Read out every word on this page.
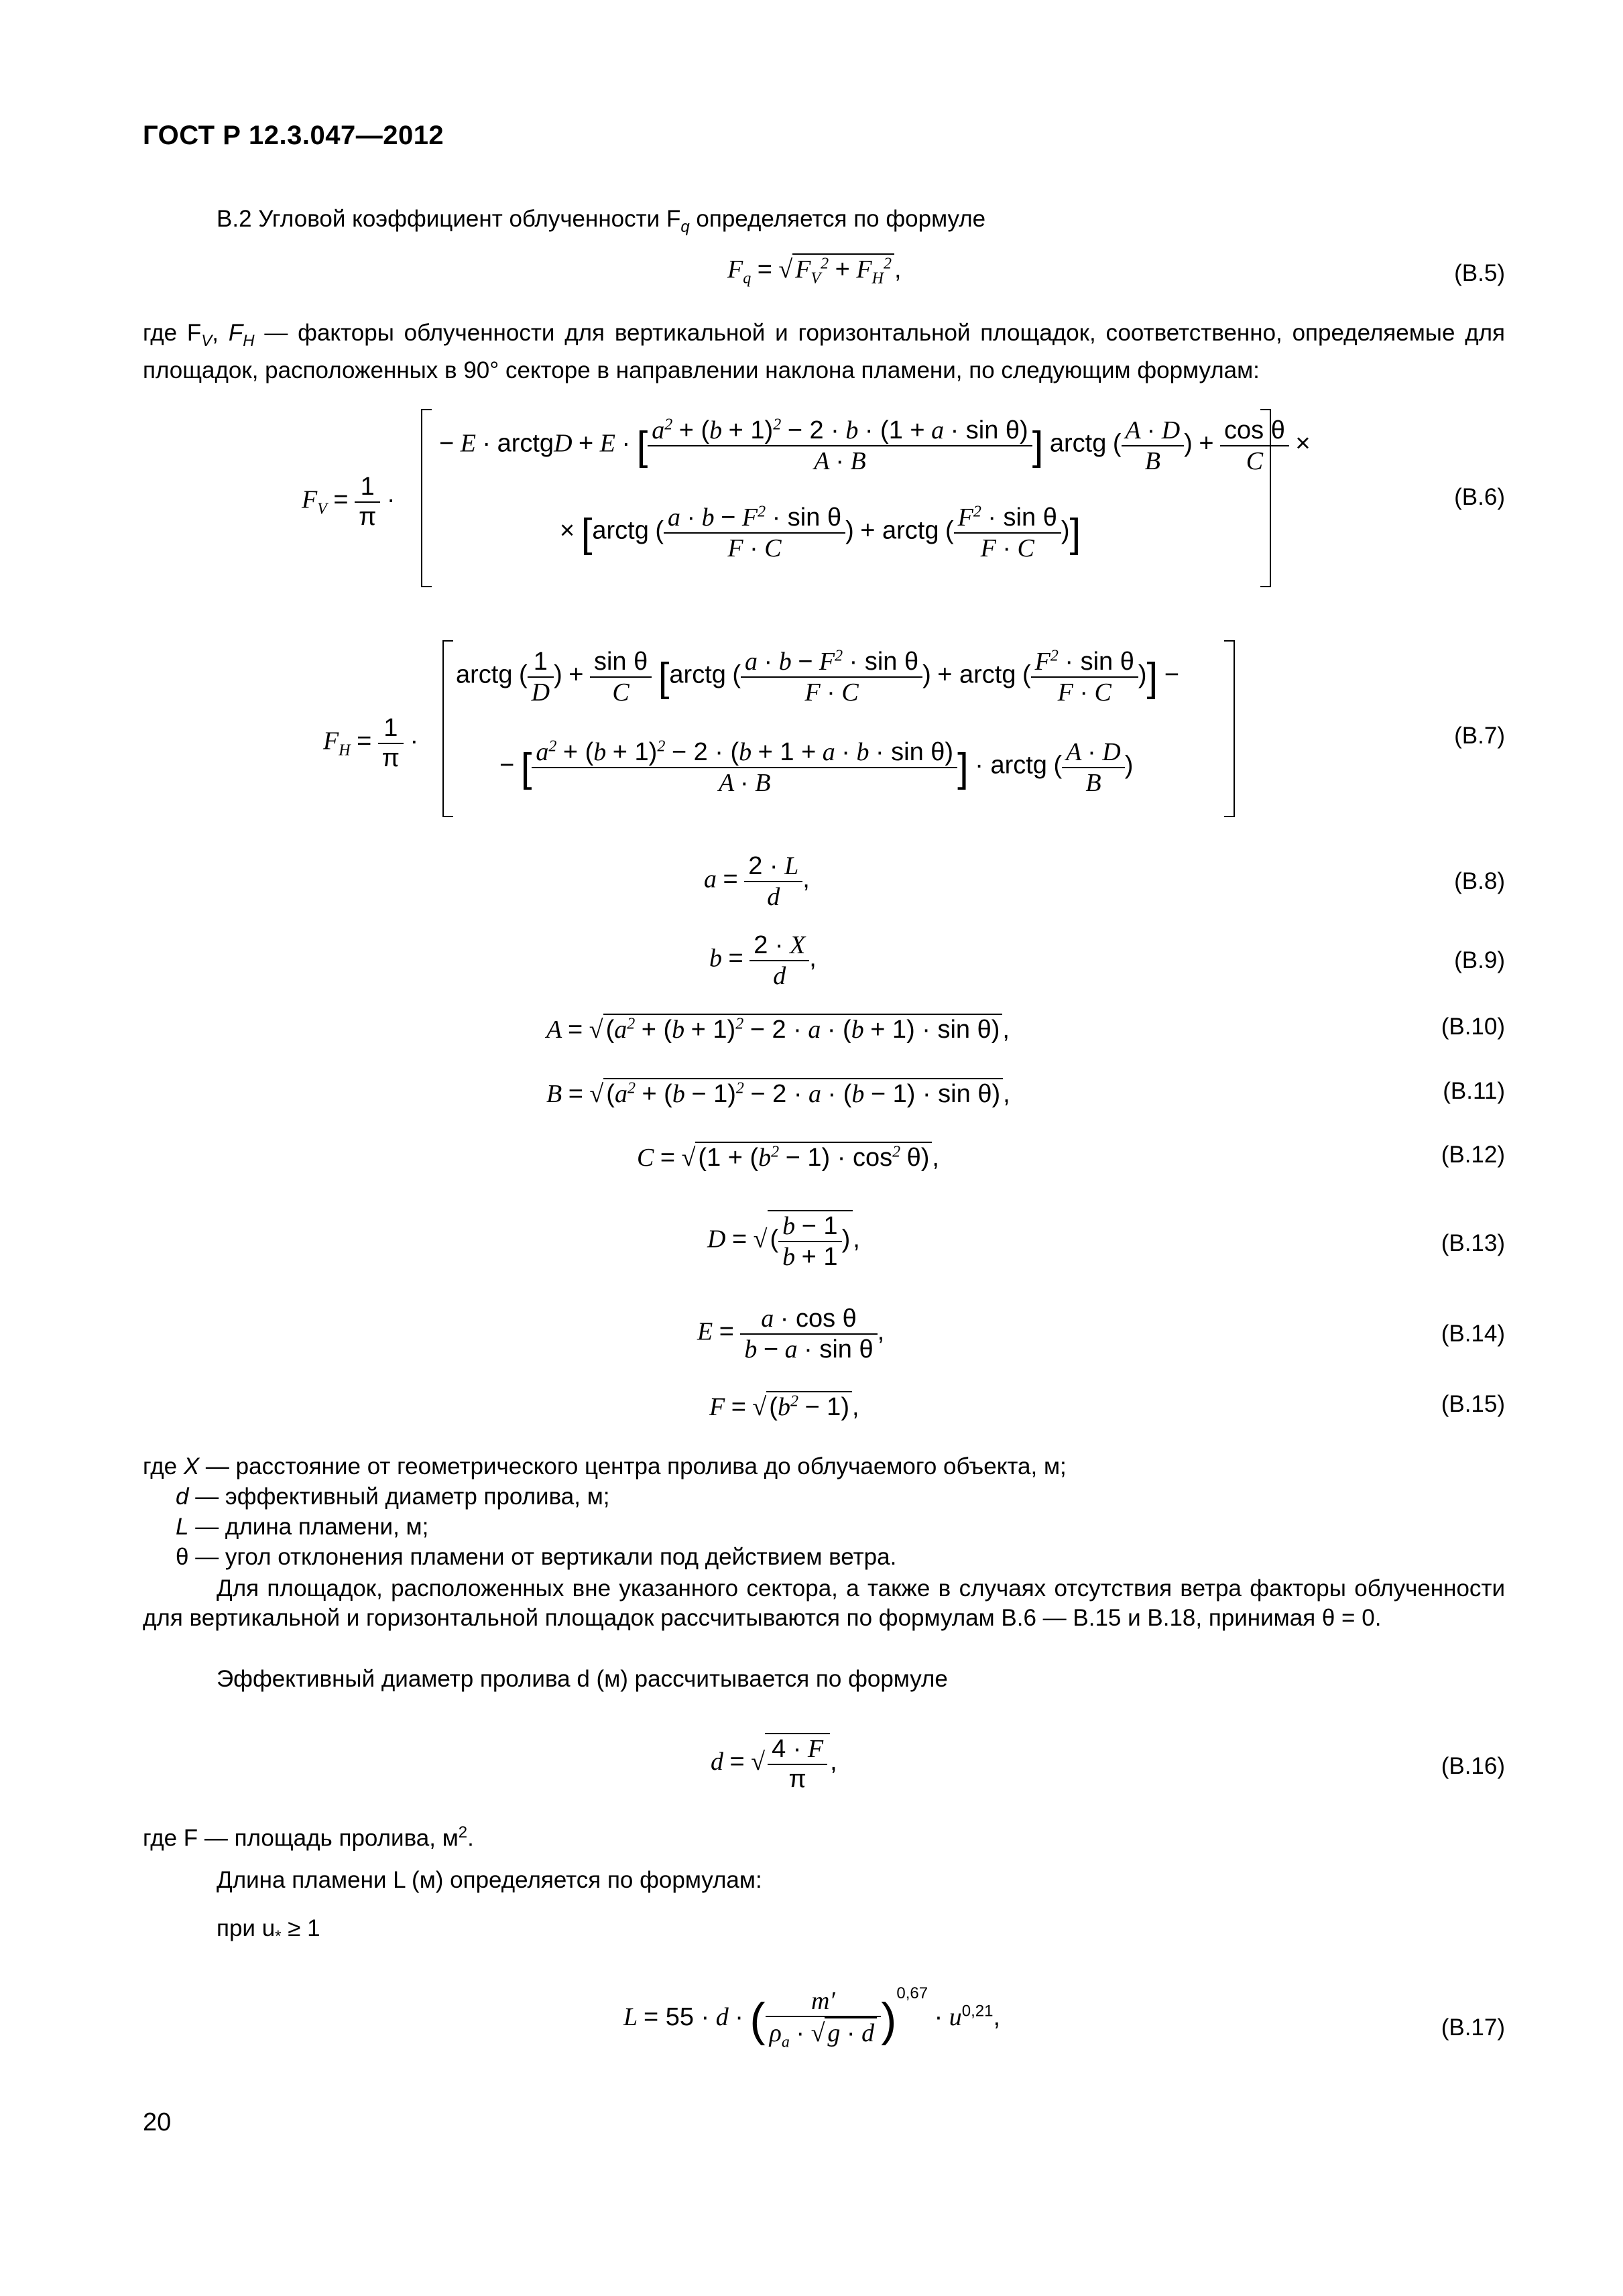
ГОСТ Р 12.3.047—2012
В.2 Угловой коэффициент облученности $F_q$ определяется по формуле
$F_q$ = √ $F_V^2 + F_H^2$ ,	(В.5)
где $F_V$, $F_H$ — факторы облученности для вертикальной и горизонтальной площадок, соответственно, определяемые для площадок, расположенных в 90° секторе в направлении наклона пламени, по следующим формулам:
$F_V = \frac{1}{\pi}$ ·
− E · arctgD + E · [ $\frac{a^2 + (b + 1)^2 - 2 \cdot b \cdot (1 + a \cdot \sin \theta)}{A \cdot B}$ ] arctg ( $\frac{A \cdot D}{B}$ ) + $\frac{\text{cos θ}}{C}$ ×
× [arctg ( $\frac{a \cdot b - F^2 \cdot \sin \theta}{F \cdot C}$ ) + arctg ( $\frac{F^2 \cdot \sin \theta}{F \cdot C}$ )]
(В.6)
$F_H = \frac{1}{\pi}$ ·
arctg ( $\frac{1}{D}$ ) + $\frac{\text{sin θ}}{C}$ [arctg ( $\frac{a \cdot b - F^2 \cdot \sin \theta}{F \cdot C}$ ) + arctg ( $\frac{F^2 \cdot \sin \theta}{F \cdot C}$ )] −
− [ $\frac{a^2 + (b + 1)^2 - 2 \cdot (b + 1 + a \cdot b \cdot \sin \theta)}{A \cdot B}$ ] · arctg ( $\frac{A \cdot D}{B}$ )
(В.7)
$a = \frac{2 \cdot L}{d}$ ,	(В.8)
$b = \frac{2 \cdot X}{d}$ ,	(В.9)
A = √ $(a^2 + (b + 1)^2 - 2 \cdot a \cdot (b + 1) \cdot \sin \theta)$ ,	(В.10)
B = √ $(a^2 + (b - 1)^2 - 2 \cdot a \cdot (b - 1) \cdot \sin \theta)$ ,	(В.11)
C = √ $(1 + (b^2 - 1) \cdot \cos^2 \theta)$ ,	(В.12)
D = √ ( $\frac{b - 1}{b + 1}$ ) ,	(В.13)
$E = \frac{\text{a · cos θ}}{\text{b − a · sin θ}}$ ,	(В.14)
F = √ $(b^2 - 1)$ ,	(В.15)
где X — расстояние от геометрического центра пролива до облучаемого объекта, м;
d — эффективный диаметр пролива, м;
L — длина пламени, м;
θ — угол отклонения пламени от вертикали под действием ветра.
Для площадок, расположенных вне указанного сектора, а также в случаях отсутствия ветра факторы облученности для вертикальной и горизонтальной площадок рассчитываются по формулам В.6 — В.15 и В.18, принимая θ = 0.
Эффективный диаметр пролива d (м) рассчитывается по формуле
d = √ $\frac{4 \cdot F}{\pi}$ ,	(В.16)
где F — площадь пролива, $м^2$.
Длина пламени L (м) определяется по формулам:
при $u_* \ge 1$
L = 55 · d · ( $\frac{m'}{\rho_a \cdot √ g \cdot d} )^{0,67} \cdot u^{0,21}$,	(В.17)
20
